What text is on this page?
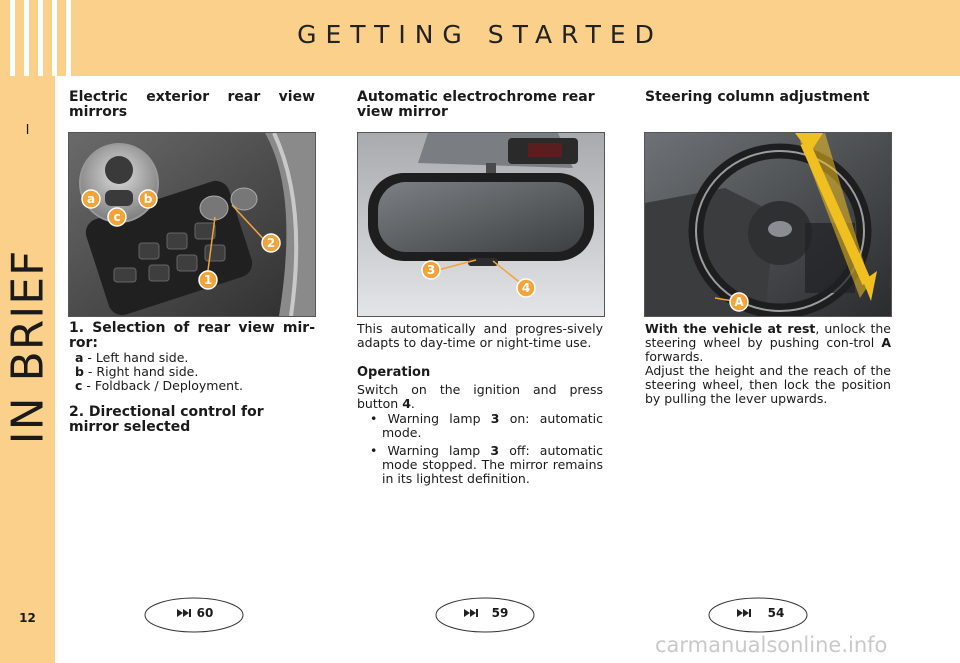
GETTING STARTED
I
IN BRIEF
12
Electric exterior rear view mirrors
a	b
c
1
2
1. Selection of rear view mir-ror:
a - Left hand side.
b - Right hand side.
c - Foldback / Deployment.
2. Directional control for mirror selected
Automatic electrochrome rear view mirror
3
4
This automatically and progres-sively adapts to day-time or night-time use.
Operation
Switch on the ignition and press button 4.
• Warning lamp 3 on: automatic mode.
• Warning lamp 3 off: automatic mode stopped. The mirror remains in its lightest definition.
Steering column adjustment
A
With the vehicle at rest, unlock the steering wheel by pushing con-trol A forwards.
Adjust the height and the reach of the steering wheel, then lock the position by pulling the lever upwards.
60	59	54
carmanualsonline.info
